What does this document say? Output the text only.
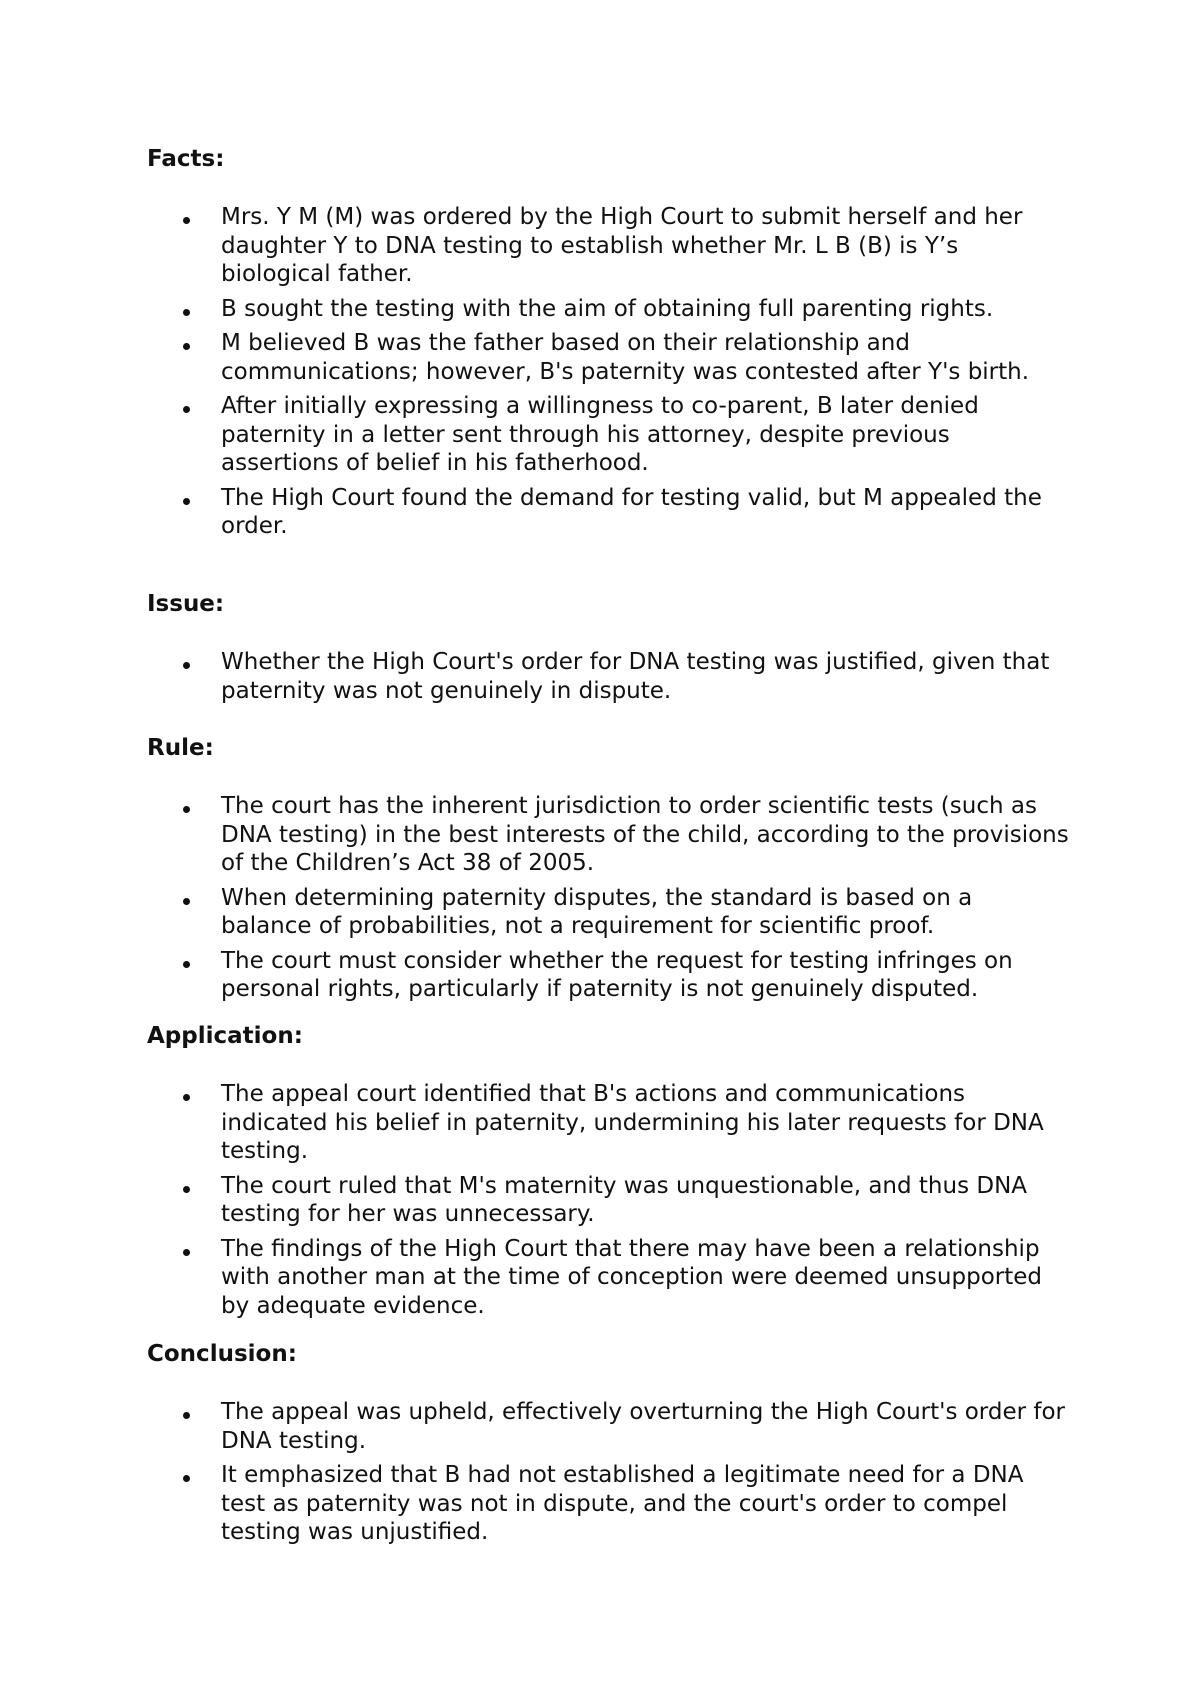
Facts:
Mrs. Y M (M) was ordered by the High Court to submit herself and her daughter Y to DNA testing to establish whether Mr. L B (B) is Y’s biological father.
B sought the testing with the aim of obtaining full parenting rights.
M believed B was the father based on their relationship and communications; however, B's paternity was contested after Y's birth.
After initially expressing a willingness to co-parent, B later denied paternity in a letter sent through his attorney, despite previous assertions of belief in his fatherhood.
The High Court found the demand for testing valid, but M appealed the order.
Issue:
Whether the High Court's order for DNA testing was justified, given that paternity was not genuinely in dispute.
Rule:
The court has the inherent jurisdiction to order scientific tests (such as DNA testing) in the best interests of the child, according to the provisions of the Children’s Act 38 of 2005.
When determining paternity disputes, the standard is based on a balance of probabilities, not a requirement for scientific proof.
The court must consider whether the request for testing infringes on personal rights, particularly if paternity is not genuinely disputed.
Application:
The appeal court identified that B's actions and communications indicated his belief in paternity, undermining his later requests for DNA testing.
The court ruled that M's maternity was unquestionable, and thus DNA testing for her was unnecessary.
The findings of the High Court that there may have been a relationship with another man at the time of conception were deemed unsupported by adequate evidence.
Conclusion:
The appeal was upheld, effectively overturning the High Court's order for DNA testing.
It emphasized that B had not established a legitimate need for a DNA test as paternity was not in dispute, and the court's order to compel testing was unjustified.
